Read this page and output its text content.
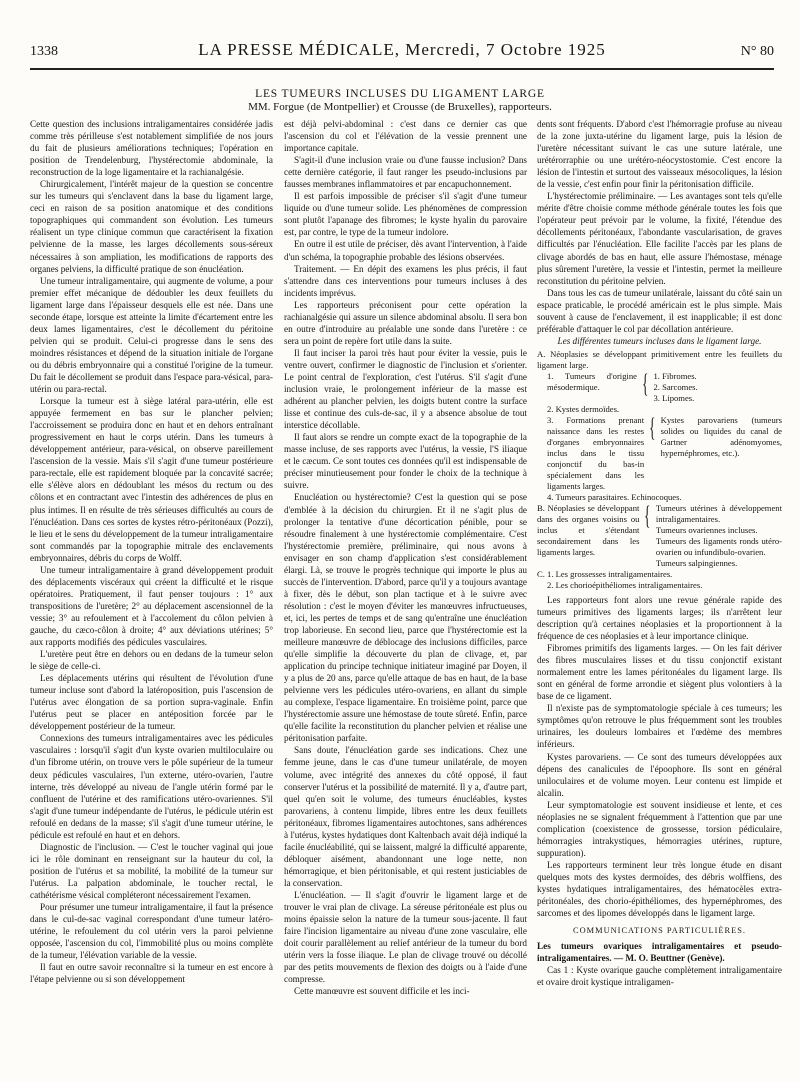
1338	LA PRESSE MÉDICALE, Mercredi, 7 Octobre 1925	N° 80
LES TUMEURS INCLUSES DU LIGAMENT LARGE
MM. Forgue (de Montpellier) et Crousse (de Bruxelles), rapporteurs.

Cette question des inclusions intraligamentaires considérée jadis comme très périlleuse s'est notablement simplifiée de nos jours du fait de plusieurs améliorations techniques; l'opération en position de Trendelenburg, l'hystérectomie abdominale, la reconstruction de la loge ligamentaire et la rachianalgésie.

Chirurgicalement, l'intérêt majeur de la question se concentre sur les tumeurs qui s'enclavent dans la base du ligament large, ceci en raison de sa position anatomique et des conditions topographiques qui commandent son évolution. Les tumeurs réalisent un type clinique commun que caractérisent la fixation pelvienne de la masse, les larges décollements sous-séreux nécessaires à son ampliation, les modifications de rapports des organes pelviens, la difficulté pratique de son énucléation.

Une tumeur intraligamentaire, qui augmente de volume, a pour premier effet mécanique de dédoubler les deux feuillets du ligament large dans l'épaisseur desquels elle est née. Dans une seconde étape, lorsque est atteinte la limite d'écartement entre les deux lames ligamentaires, c'est le décollement du péritoine pelvien qui se produit. Celui-ci progresse dans le sens des moindres résistances et dépend de la situation initiale de l'organe ou du débris embryonnaire qui a constitué l'origine de la tumeur. Du fait le décollement se produit dans l'espace para-vésical, para-utérin ou para-rectal.

Lorsque la tumeur est à siège latéral para-utérin, elle est appuyée fermement en bas sur le plancher pelvien; l'accroissement se produira donc en haut et en dehors entraînant progressivement en haut le corps utérin. Dans les tumeurs à développement antérieur, para-vésical, on observe pareillement l'ascension de la vessie. Mais s'il s'agit d'une tumeur postérieure para-rectale, elle est rapidement bloquée par la concavité sacrée; elle s'élève alors en dédoublant les mésos du rectum ou des côlons et en contractant avec l'intestin des adhérences de plus en plus intimes. Il en résulte de très sérieuses difficultés au cours de l'énucléation. Dans ces sortes de kystes rétro-péritonéaux (Pozzi), le lieu et le sens du développement de la tumeur intraligamentaire sont commandés par la topographie mitrale des enclavements embryonnaires, débris du corps de Wolff.

Une tumeur intraligamentaire à grand développement produit des déplacements viscéraux qui créent la difficulté et le risque opératoires. Pratiquement, il faut penser toujours : 1° aux transpositions de l'uretère; 2° au déplacement ascensionnel de la vessie; 3° au refoulement et à l'accolement du côlon pelvien à gauche, du cæco-côlon à droite; 4° aux déviations utérines; 5° aux rapports modifiés des pédicules vasculaires.

L'uretère peut être en dehors ou en dedans de la tumeur selon le siège de celle-ci.

Les déplacements utérins qui résultent de l'évolution d'une tumeur incluse sont d'abord la latéroposition, puis l'ascension de l'utérus avec élongation de sa portion supra-vaginale. Enfin l'utérus peut se placer en antéposition forcée par le développement postérieur de la tumeur.

Connexions des tumeurs intraligamentaires avec les pédicules vasculaires : lorsqu'il s'agit d'un kyste ovarien multiloculaire ou d'un fibrome utérin, on trouve vers le pôle supérieur de la tumeur deux pédicules vasculaires, l'un externe, utéro-ovarien, l'autre interne, très développé au niveau de l'angle utérin formé par le confluent de l'utérine et des ramifications utéro-ovariennes. S'il s'agit d'une tumeur indépendante de l'utérus, le pédicule utérin est refoulé en dedans de la masse; s'il s'agit d'une tumeur utérine, le pédicule est refoulé en haut et en dehors.

Diagnostic de l'inclusion. — C'est le toucher vaginal qui joue ici le rôle dominant en renseignant sur la hauteur du col, la position de l'utérus et sa mobilité, la mobilité de la tumeur sur l'utérus. La palpation abdominale, le toucher rectal, le cathétérisme vésical compléteront nécessairement l'examen.

Pour présumer une tumeur intraligamentaire, il faut la présence dans le cul-de-sac vaginal correspondant d'une tumeur latéro-utérine, le refoulement du col utérin vers la paroi pelvienne opposée, l'ascension du col, l'immobilité plus ou moins complète de la tumeur, l'élévation variable de la vessie.

Il faut en outre savoir reconnaître si la tumeur en est encore à l'étape pelvienne ou si son développement

est déjà pelvi-abdominal : c'est dans ce dernier cas que l'ascension du col et l'élévation de la vessie prennent une importance capitale.

S'agit-il d'une inclusion vraie ou d'une fausse inclusion? Dans cette dernière catégorie, il faut ranger les pseudo-inclusions par fausses membranes inflammatoires et par encapuchonnement.

Il est parfois impossible de préciser s'il s'agit d'une tumeur liquide ou d'une tumeur solide. Les phénomènes de compression sont plutôt l'apanage des fibromes; le kyste hyalin du parovaire est, par contre, le type de la tumeur indolore.

En outre il est utile de préciser, dès avant l'intervention, à l'aide d'un schéma, la topographie probable des lésions observées.

Traitement. — En dépit des examens les plus précis, il faut s'attendre dans ces interventions pour tumeurs incluses à des incidents imprévus.

Les rapporteurs préconisent pour cette opération la rachianalgésie qui assure un silence abdominal absolu. Il sera bon en outre d'introduire au préalable une sonde dans l'uretère : ce sera un point de repère fort utile dans la suite.

Il faut inciser la paroi très haut pour éviter la vessie, puis le ventre ouvert, confirmer le diagnostic de l'inclusion et s'orienter. Le point central de l'exploration, c'est l'utérus. S'il s'agit d'une inclusion vraie, le prolongement inférieur de la masse est adhérent au plancher pelvien, les doigts butent contre la surface lisse et continue des culs-de-sac, il y a absence absolue de tout interstice décollable.

Il faut alors se rendre un compte exact de la topographie de la masse incluse, de ses rapports avec l'utérus, la vessie, l'S iliaque et le cæcum. Ce sont toutes ces données qu'il est indispensable de préciser minutieusement pour fonder le choix de la technique à suivre.

Enucléation ou hystérectomie? C'est la question qui se pose d'emblée à la décision du chirurgien. Et il ne s'agit plus de prolonger la tentative d'une décortication pénible, pour se résoudre finalement à une hystérectomie complémentaire. C'est l'hystérectomie première, préliminaire, qui nous avons à envisager en son champ d'application s'est considérablement élargi. Là, se trouve le progrès technique qui importe le plus au succès de l'intervention. D'abord, parce qu'il y a toujours avantage à fixer, dès le début, son plan tactique et à le suivre avec résolution : c'est le moyen d'éviter les manœuvres infructueuses, et, ici, les pertes de temps et de sang qu'entraîne une énucléation trop laborieuse. En second lieu, parce que l'hystérectomie est la meilleure manœuvre de déblocage des inclusions difficiles, parce qu'elle simplifie la découverte du plan de clivage, et, par application du principe technique initiateur imaginé par Doyen, il y a plus de 20 ans, parce qu'elle attaque de bas en haut, de la base pelvienne vers les pédicules utéro-ovariens, en allant du simple au complexe, l'espace ligamentaire. En troisième point, parce que l'hystérectomie assure une hémostase de toute sûreté. Enfin, parce qu'elle facilite la reconstitution du plancher pelvien et réalise une péritonisation parfaite.

Sans doute, l'énucléation garde ses indications. Chez une femme jeune, dans le cas d'une tumeur unilatérale, de moyen volume, avec intégrité des annexes du côté opposé, il faut conserver l'utérus et la possibilité de maternité. Il y a, d'autre part, quel qu'en soit le volume, des tumeurs énucléables, kystes parovariens, à contenu limpide, libres entre les deux feuillets péritonéaux, fibromes ligamentaires autochtones, sans adhérences à l'utérus, kystes hydatiques dont Kaltenbach avait déjà indiqué la facile énucléabilité, qui se laissent, malgré la difficulté apparente, débloquer aisément, abandonnant une loge nette, non hémorragique, et bien péritonisable, et qui restent justiciables de la conservation.

L'énucléation. — Il s'agit d'ouvrir le ligament large et de trouver le vrai plan de clivage. La séreuse péritonéale est plus ou moins épaissie selon la nature de la tumeur sous-jacente. Il faut faire l'incision ligamentaire au niveau d'une zone vasculaire, elle doit courir parallèlement au relief antérieur de la tumeur du bord utérin vers la fosse iliaque. Le plan de clivage trouvé ou décollé par des petits mouvements de flexion des doigts ou à l'aide d'une compresse.

Cette manœuvre est souvent difficile et les inci-

dents sont fréquents. D'abord c'est l'hémorragie profuse au niveau de la zone juxta-utérine du ligament large, puis la lésion de l'uretère nécessitant suivant le cas une suture latérale, une urétérorraphie ou une urétéro-néocystostomie. C'est encore la lésion de l'intestin et surtout des vaisseaux mésocoliques, la lésion de la vessie, c'est enfin pour finir la péritonisation difficile.

L'hystérectomie préliminaire. — Les avantages sont tels qu'elle mérite d'être choisie comme méthode générale toutes les fois que l'opérateur peut prévoir par le volume, la fixité, l'étendue des décollements péritonéaux, l'abondante vascularisation, de graves difficultés par l'énucléation. Elle facilite l'accès par les plans de clivage abordés de bas en haut, elle assure l'hémostase, ménage plus sûrement l'uretère, la vessie et l'intestin, permet la meilleure reconstitution du péritoine pelvien.

Dans tous les cas de tumeur unilatérale, laissant du côté sain un espace praticable, le procédé américain est le plus simple. Mais souvent à cause de l'enclavement, il est inapplicable; il est donc préférable d'attaquer le col par décollation antérieure.

Les différentes tumeurs incluses dans le ligament large.

A. Néoplasies se développant primitivement entre les feuillets du ligament large.
1. Tumeurs d'origine mésodermique.	{ 1. Fibromes.
2. Sarcomes.
3. Lipomes.
2. Kystes dermoïdes.
3. Formations prenant naissance dans les restes d'organes embryonnaires inclus dans le tissu conjonctif du bas-in spécialement dans les ligaments larges.
{ Kystes parovariens (tumeurs solides ou liquides du canal de Gartner adénomyomes, hypernéphromes, etc.).
4. Tumeurs parasitaires. Echinocoques.
B. Néoplasies se développant dans des organes voisins ou inclus et s'étendant secondairement dans les ligaments larges.
{ Tumeurs utérines à développement intraligamentaires.
Tumeurs ovariennes incluses.
Tumeurs des ligaments ronds utéro-ovarien ou infundibulo-ovarien.
Tumeurs salpingiennes.
C. 1. Les grossesses intraligamentaires.
2. Les chorioépithéliomes intraligamentaires.

Les rapporteurs font alors une revue générale rapide des tumeurs primitives des ligaments larges; ils n'arrêtent leur description qu'à certaines néoplasies et la proportionnent à la fréquence de ces néoplasies et à leur importance clinique.

Fibromes primitifs des ligaments larges. — On les fait dériver des fibres musculaires lisses et du tissu conjonctif existant normalement entre les lames péritonéales du ligament large. Ils sont en général de forme arrondie et siègent plus volontiers à la base de ce ligament.

Il n'existe pas de symptomatologie spéciale à ces tumeurs; les symptômes qu'on retrouve le plus fréquemment sont les troubles urinaires, les douleurs lombaires et l'œdème des membres inférieurs.

Kystes parovariens. — Ce sont des tumeurs développées aux dépens des canalicules de l'époophore. Ils sont en général uniloculaires et de volume moyen. Leur contenu est limpide et alcalin.

Leur symptomatologie est souvent insidieuse et lente, et ces néoplasies ne se signalent fréquemment à l'attention que par une complication (coexistence de grossesse, torsion pédiculaire, hémorragies intrakystiques, hémorragies utérines, rupture, suppuration).

Les rapporteurs terminent leur très longue étude en disant quelques mots des kystes dermoïdes, des débris wolffiens, des kystes hydatiques intraligamentaires, des hématocèles extra-péritonéales, des chorio-épithéliomes, des hypernéphromes, des sarcomes et des lipomes développés dans le ligament large.

COMMUNICATIONS PARTICULIÈRES.

Les tumeurs ovariques intraligamentaires et pseudo-intraligamentaires. — M. O. Beuttner (Genève).

Cas 1 : Kyste ovarique gauche complètement intraligamentaire et ovaire droit kystique intraligamen-
